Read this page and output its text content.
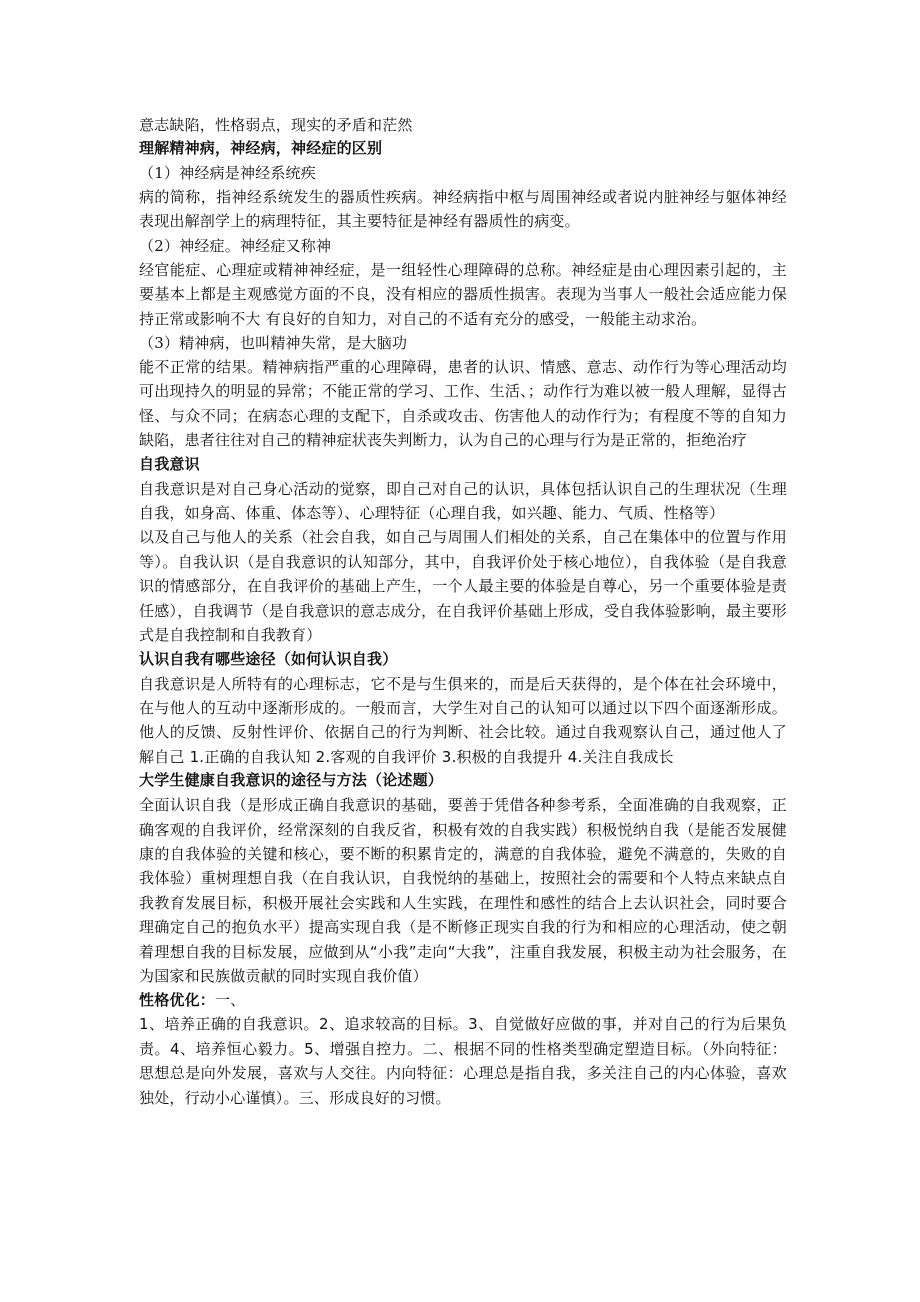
意志缺陷，性格弱点，现实的矛盾和茫然

理解精神病，神经病，神经症的区别

（1）神经病是神经系统疾

病的简称，指神经系统发生的器质性疾病。神经病指中枢与周围神经或者说内脏神经与躯体神经表现出解剖学上的病理特征，其主要特征是神经有器质性的病变。

（2）神经症。神经症又称神

经官能症、心理症或精神神经症，是一组轻性心理障碍的总称。神经症是由心理因素引起的，主要基本上都是主观感觉方面的不良，没有相应的器质性损害。表现为当事人一般社会适应能力保持正常或影响不大 有良好的自知力，对自己的不适有充分的感受，一般能主动求治。

（3）精神病，也叫精神失常，是大脑功

能不正常的结果。精神病指严重的心理障碍，患者的认识、情感、意志、动作行为等心理活动均可出现持久的明显的异常；不能正常的学习、工作、生活、；动作行为难以被一般人理解，显得古怪、与众不同；在病态心理的支配下，自杀或攻击、伤害他人的动作行为；有程度不等的自知力缺陷，患者往往对自己的精神症状丧失判断力，认为自己的心理与行为是正常的，拒绝治疗

自我意识

自我意识是对自己身心活动的觉察，即自己对自己的认识，具体包括认识自己的生理状况（生理自我，如身高、体重、体态等）、心理特征（心理自我，如兴趣、能力、气质、性格等）

以及自己与他人的关系（社会自我，如自己与周围人们相处的关系，自己在集体中的位置与作用等）。自我认识（是自我意识的认知部分，其中，自我评价处于核心地位），自我体验（是自我意识的情感部分，在自我评价的基础上产生，一个人最主要的体验是自尊心，另一个重要体验是责任感），自我调节（是自我意识的意志成分，在自我评价基础上形成，受自我体验影响，最主要形式是自我控制和自我教育）

认识自我有哪些途径（如何认识自我）

自我意识是人所特有的心理标志，它不是与生俱来的，而是后天获得的，是个体在社会环境中，在与他人的互动中逐渐形成的。一般而言，大学生对自己的认知可以通过以下四个面逐渐形成。他人的反馈、反射性评价、依据自己的行为判断、社会比较。通过自我观察认自己，通过他人了解自己 1.正确的自我认知 2.客观的自我评价 3.积极的自我提升 4.关注自我成长

大学生健康自我意识的途径与方法（论述题）

全面认识自我（是形成正确自我意识的基础，要善于凭借各种参考系，全面准确的自我观察，正确客观的自我评价，经常深刻的自我反省，积极有效的自我实践）积极悦纳自我（是能否发展健康的自我体验的关键和核心，要不断的积累肯定的，满意的自我体验，避免不满意的，失败的自我体验）重树理想自我（在自我认识，自我悦纳的基础上，按照社会的需要和个人特点来缺点自我教育发展目标，积极开展社会实践和人生实践，在理性和感性的结合上去认识社会，同时要合理确定自己的抱负水平）提高实现自我（是不断修正现实自我的行为和相应的心理活动，使之朝着理想自我的目标发展，应做到从“小我”走向“大我”，注重自我发展，积极主动为社会服务，在为国家和民族做贡献的同时实现自我价值）

性格优化：一、

1、培养正确的自我意识。2、追求较高的目标。3、自觉做好应做的事，并对自己的行为后果负责。4、培养恒心毅力。5、增强自控力。二、根据不同的性格类型确定塑造目标。（外向特征：思想总是向外发展，喜欢与人交往。内向特征：心理总是指自我，多关注自己的内心体验，喜欢独处，行动小心谨慎）。三、形成良好的习惯。
